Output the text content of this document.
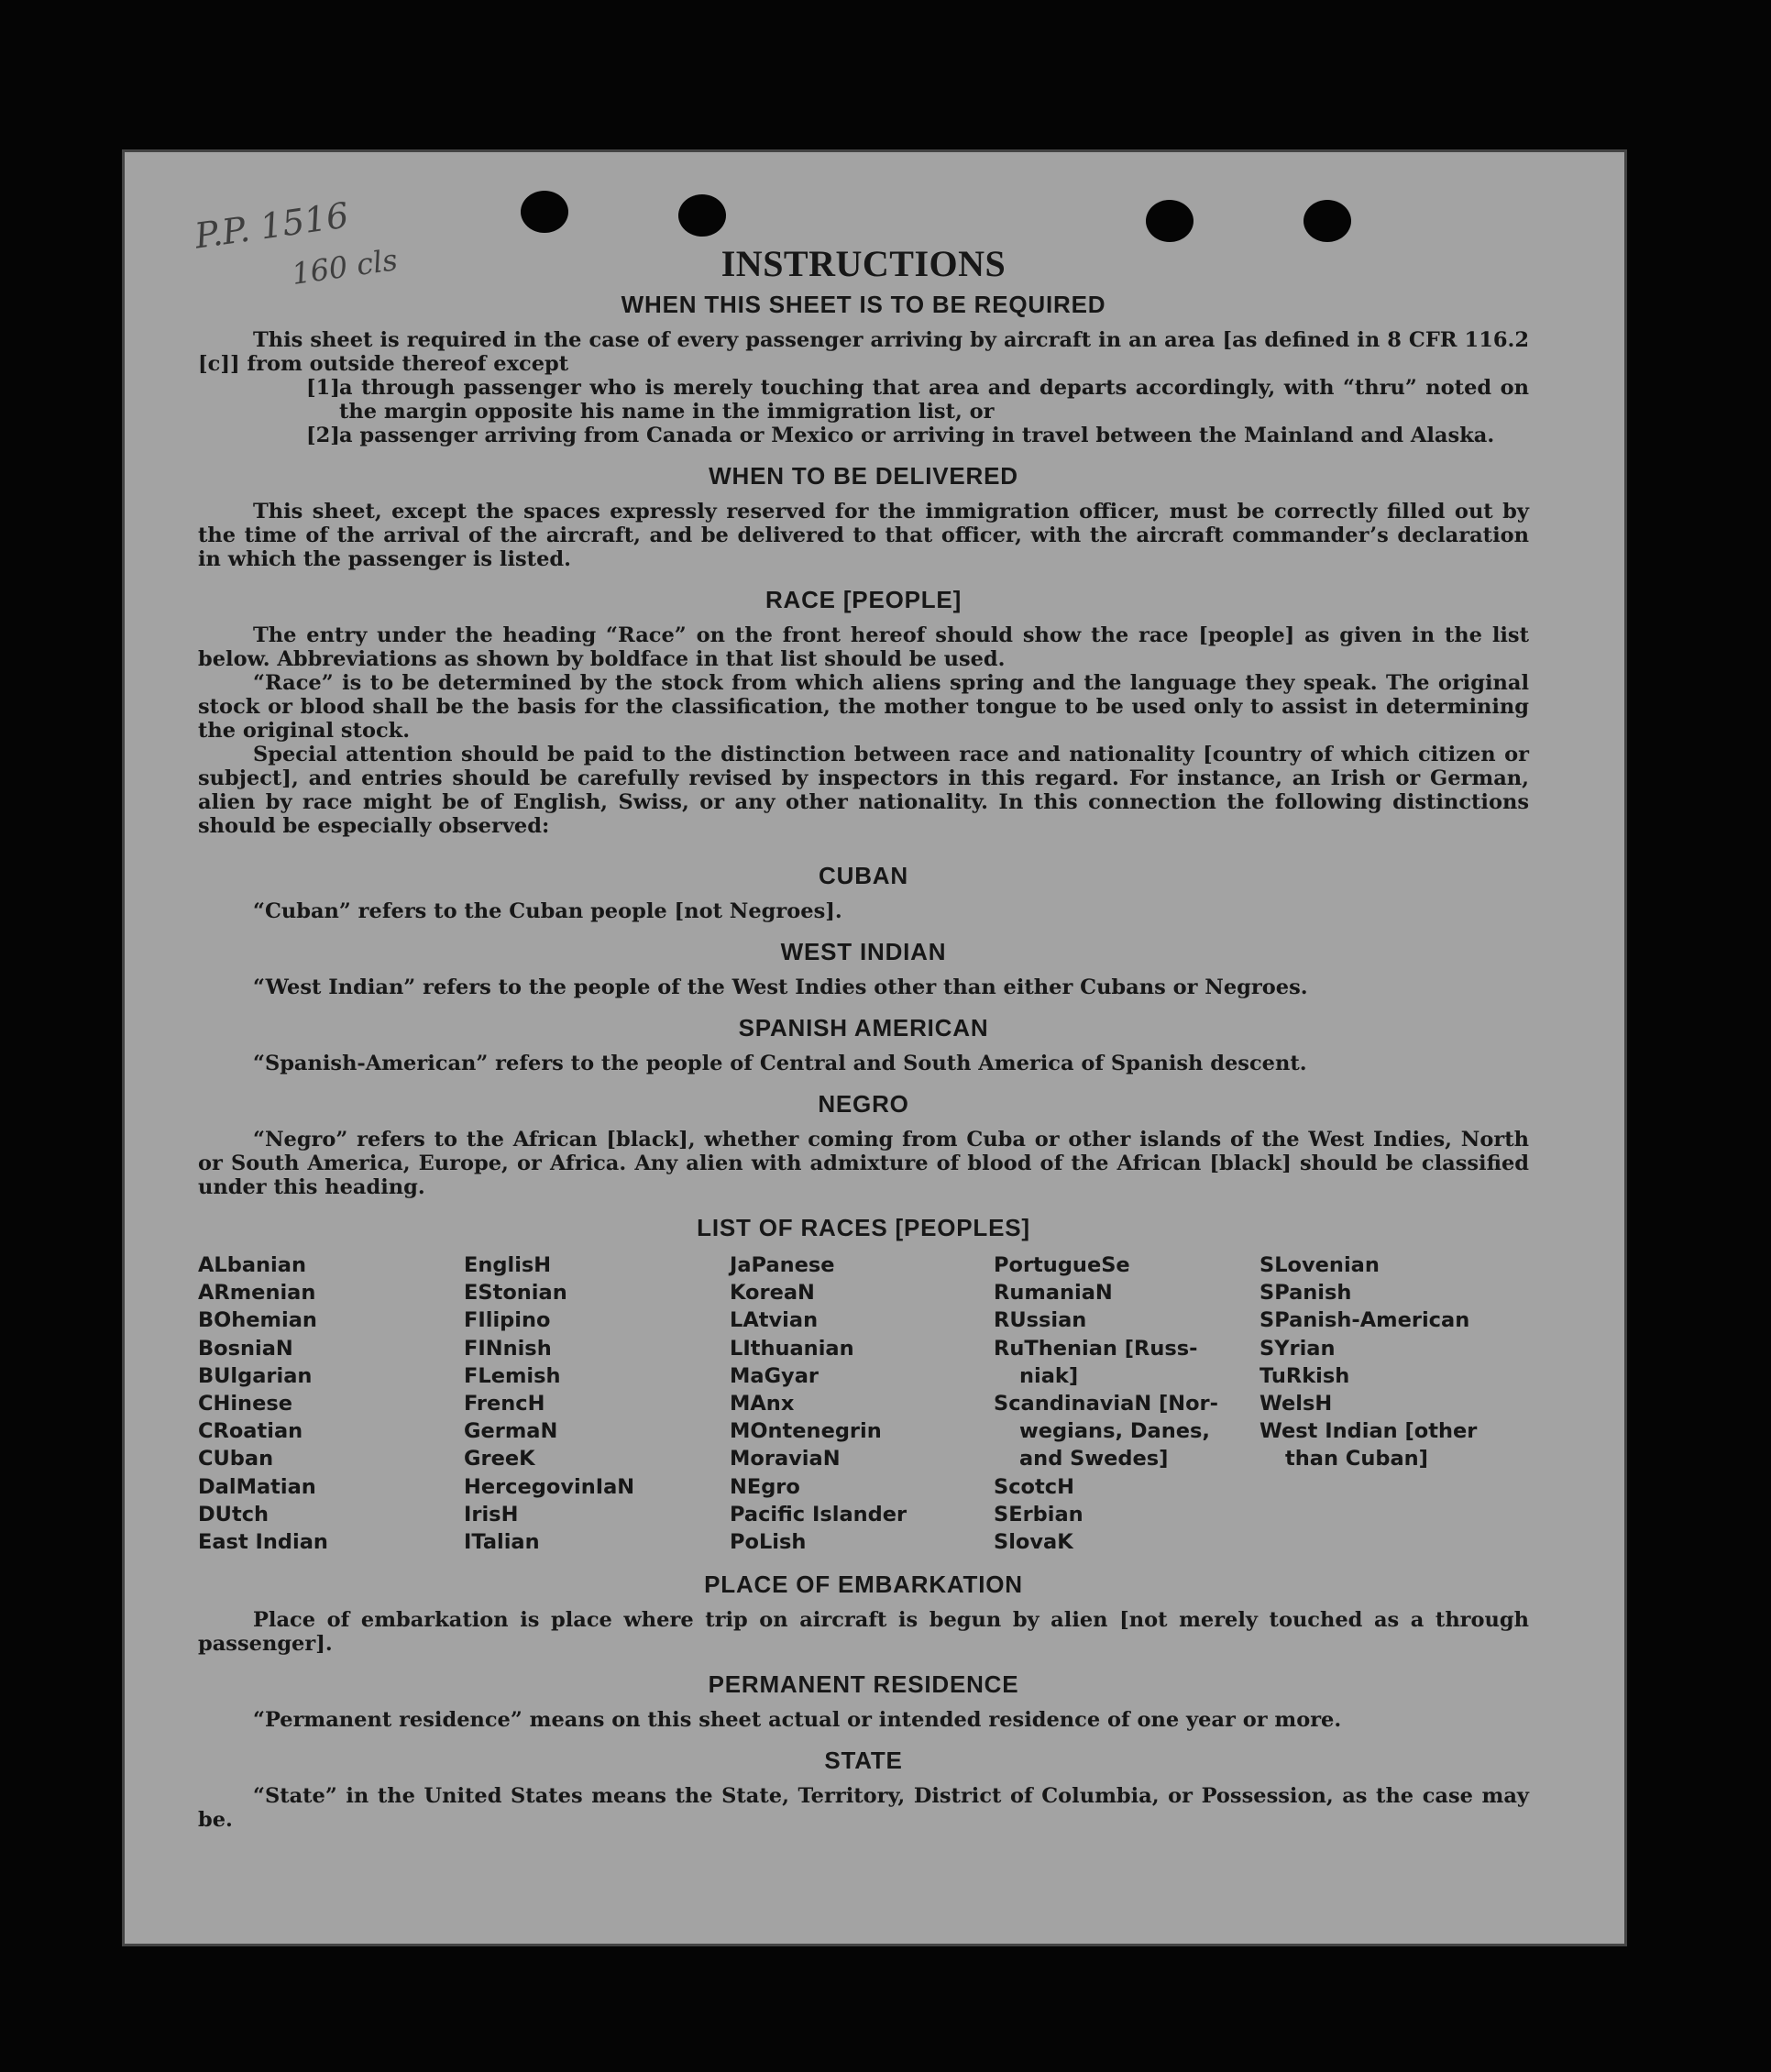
P.P. 1516
160 cls	INSTRUCTIONS
WHEN THIS SHEET IS TO BE REQUIRED

This sheet is required in the case of every passenger arriving by aircraft in an area [as defined in 8 CFR 116.2 [c]] from outside thereof except

[1] a through passenger who is merely touching that area and departs accordingly, with “thru” noted on the margin opposite his name in the immigration list, or
[2] a passenger arriving from Canada or Mexico or arriving in travel between the Mainland and Alaska.
WHEN TO BE DELIVERED

This sheet, except the spaces expressly reserved for the immigration officer, must be correctly filled out by the time of the arrival of the aircraft, and be delivered to that officer, with the aircraft commander’s declaration in which the passenger is listed.

RACE [PEOPLE]

The entry under the heading “Race” on the front hereof should show the race [people] as given in the list below. Abbreviations as shown by boldface in that list should be used.

“Race” is to be determined by the stock from which aliens spring and the language they speak. The original stock or blood shall be the basis for the classification, the mother tongue to be used only to assist in determining the original stock.

Special attention should be paid to the distinction between race and nationality [country of which citizen or subject], and entries should be carefully revised by inspectors in this regard. For instance, an Irish or German, alien by race might be of English, Swiss, or any other nationality. In this connection the following distinctions should be especially observed:

CUBAN

“Cuban” refers to the Cuban people [not Negroes].

WEST INDIAN

“West Indian” refers to the people of the West Indies other than either Cubans or Negroes.

SPANISH AMERICAN

“Spanish-American” refers to the people of Central and South America of Spanish descent.

NEGRO

“Negro” refers to the African [black], whether coming from Cuba or other islands of the West Indies, North or South America, Europe, or Africa. Any alien with admixture of blood of the African [black] should be classified under this heading.

LIST OF RACES [PEOPLES]
ALbanian
ARmenian
BOhemian
BosniaN
BUlgarian
CHinese
CRoatian
CUban
DalMatian
DUtch
East Indian
EnglisH
EStonian
FIlipino
FINnish
FLemish
FrencH
GermaN
GreeK
HercegovinIaN
IrisH
ITalian
JaPanese
KoreaN
LAtvian
LIthuanian
MaGyar
MAnx
MOntenegrin
MoraviaN
NEgro
Pacific Islander
PoLish
PortugueSe
RumaniaN
RUssian
RuThenian [Russ-
niak]
ScandinaviaN [Nor-
wegians, Danes,
and Swedes]
ScotcH
SErbian
SlovaK
SLovenian
SPanish
SPanish-American
SYrian
TuRkish
WelsH
West Indian [other
than Cuban]
PLACE OF EMBARKATION

Place of embarkation is place where trip on aircraft is begun by alien [not merely touched as a through passenger].

PERMANENT RESIDENCE

“Permanent residence” means on this sheet actual or intended residence of one year or more.

STATE

“State” in the United States means the State, Territory, District of Columbia, or Possession, as the case may be.
